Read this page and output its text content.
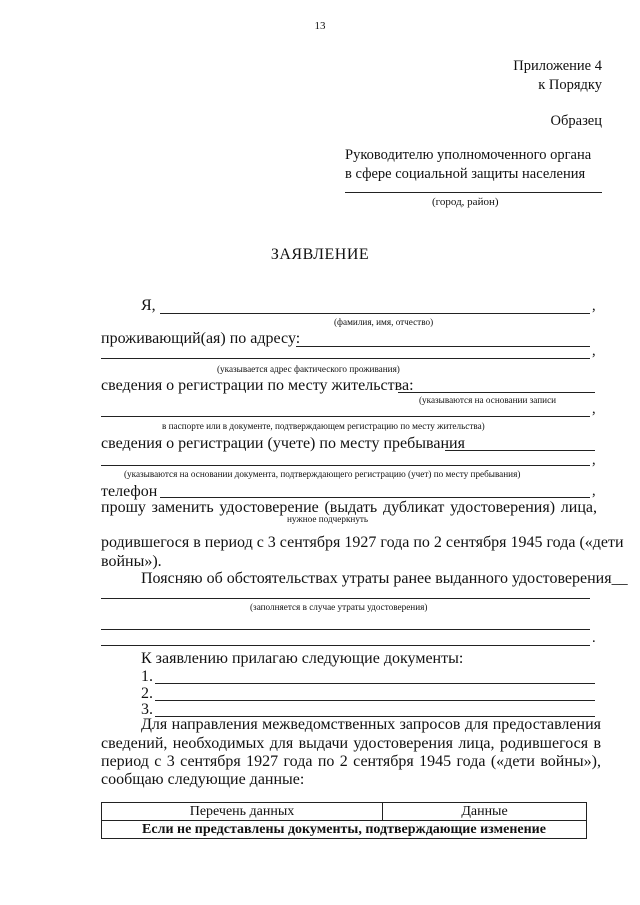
13
Приложение 4
к Порядку
Образец
Руководителю уполномоченного органа
в сфере социальной защиты населения
(город, район)
ЗАЯВЛЕНИЕ
Я,	,
(фамилия, имя, отчество)
проживающий(ая) по адресу:
,
(указывается адрес фактического проживания)
сведения о регистрации по месту жительства:
(указываются на основании записи
,
в паспорте или в документе, подтверждающем регистрацию по месту жительства)
сведения о регистрации (учете) по месту пребывания
,
(указываются на основании документа, подтверждающего регистрацию (учет) по месту пребывания)
телефон	,
прошу заменить удостоверение (выдать дубликат удостоверения) лица,
нужное подчеркнуть
родившегося в период с 3 сентября 1927 года по 2 сентября 1945 года («дети
войны»).
Поясняю об обстоятельствах утраты ранее выданного удостоверения__
(заполняется в случае утраты удостоверения)
.
К заявлению прилагаю следующие документы:
1.
2.
3.
Для направления межведомственных запросов для предоставления
сведений, необходимых для выдачи удостоверения лица, родившегося в
период с 3 сентября 1927 года по 2 сентября 1945 года («дети войны»),
сообщаю следующие данные:
Перечень данных	Данные
Если не представлены документы, подтверждающие изменение
